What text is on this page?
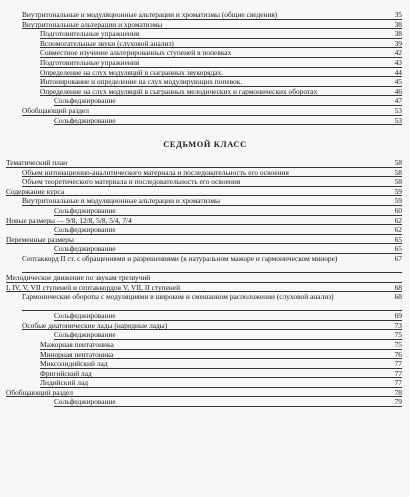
Внутритональные и модуляционные альтерации и хроматизмы (общие сведения)	35
Внутритональные альтерации и хроматизмы	38
Подготовительные упражнения	38
Вспомогательные звуки (слуховой анализ)	39
Совместное изучение альтерированных ступеней в попевках	42
Подготовительные упражнения	43
Определение на слух модуляций в сыгранных звукорядах.	44
Интонирование и определение на слух модулирующих попевок.	45
Определение на слух модуляций в сыгранных мелодических и гармонических оборотах	46
Сольфеджирование	47
Обобщающий раздел	53
Сольфеджирование	53
СЕДЬМОЙ КЛАСС
Тематический план	58
Объем интонационно-аналитического материала и последовательность его освоения	58
Объем теоретического материала и последовательность его освоения	58
Содержание курса	59
Внутритональные и модуляционные альтерации и хроматизмы	59
Сольфеджирование	60
Новые размеры — 9/8, 12/8, 5/8, 5/4, 7/4	62
Сольфеджирование	62
Переменные размеры	65
Сольфеджирование	65
Септаккорд II ст. с обращениями и разрешениями (в натуральном мажоре и гармоническом миноре)	67
Мелодическое движение по звукам трезвучий
I, IV, V, VII ступеней и септаккордов V, VII, II ступеней	68
Гармонические обороты с модуляциями в широком и смешанном расположении (слуховой анализ)	68
Сольфеджирование	69
Особые диатонические лады (народные лады)	73
Сольфеджирование	75
Мажорная пентатоника	75
Минорная пентатоника	76
Миксолидийский лад	77
Фригийский лад	77
Лидийский лад	77
Обобщающий раздел	78
Сольфеджирование	79
